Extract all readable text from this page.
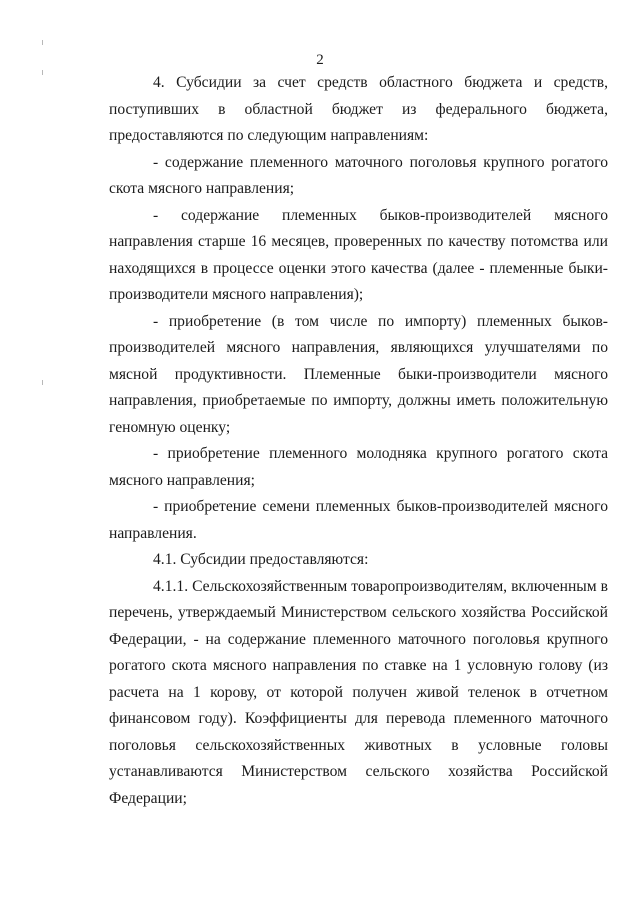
2

4. Субсидии за счет средств областного бюджета и средств, поступивших в областной бюджет из федерального бюджета, предоставляются по следующим направлениям:

- содержание племенного маточного поголовья крупного рогатого скота мясного направления;

- содержание племенных быков-производителей мясного направления старше 16 месяцев, проверенных по качеству потомства или находящихся в процессе оценки этого качества (далее - племенные быки-производители мясного направления);

- приобретение (в том числе по импорту) племенных быков-производителей мясного направления, являющихся улучшателями по мясной продуктивности. Племенные быки-производители мясного направления, приобретаемые по импорту, должны иметь положительную геномную оценку;

- приобретение племенного молодняка крупного рогатого скота мясного направления;

- приобретение семени племенных быков-производителей мясного направления.

4.1. Субсидии предоставляются:

4.1.1. Сельскохозяйственным товаропроизводителям, включенным в перечень, утверждаемый Министерством сельского хозяйства Российской Федерации, - на содержание племенного маточного поголовья крупного рогатого скота мясного направления по ставке на 1 условную голову (из расчета на 1 корову, от которой получен живой теленок в отчетном финансовом году). Коэффициенты для перевода племенного маточного поголовья сельскохозяйственных животных в условные головы устанавливаются Министерством сельского хозяйства Российской Федерации;
